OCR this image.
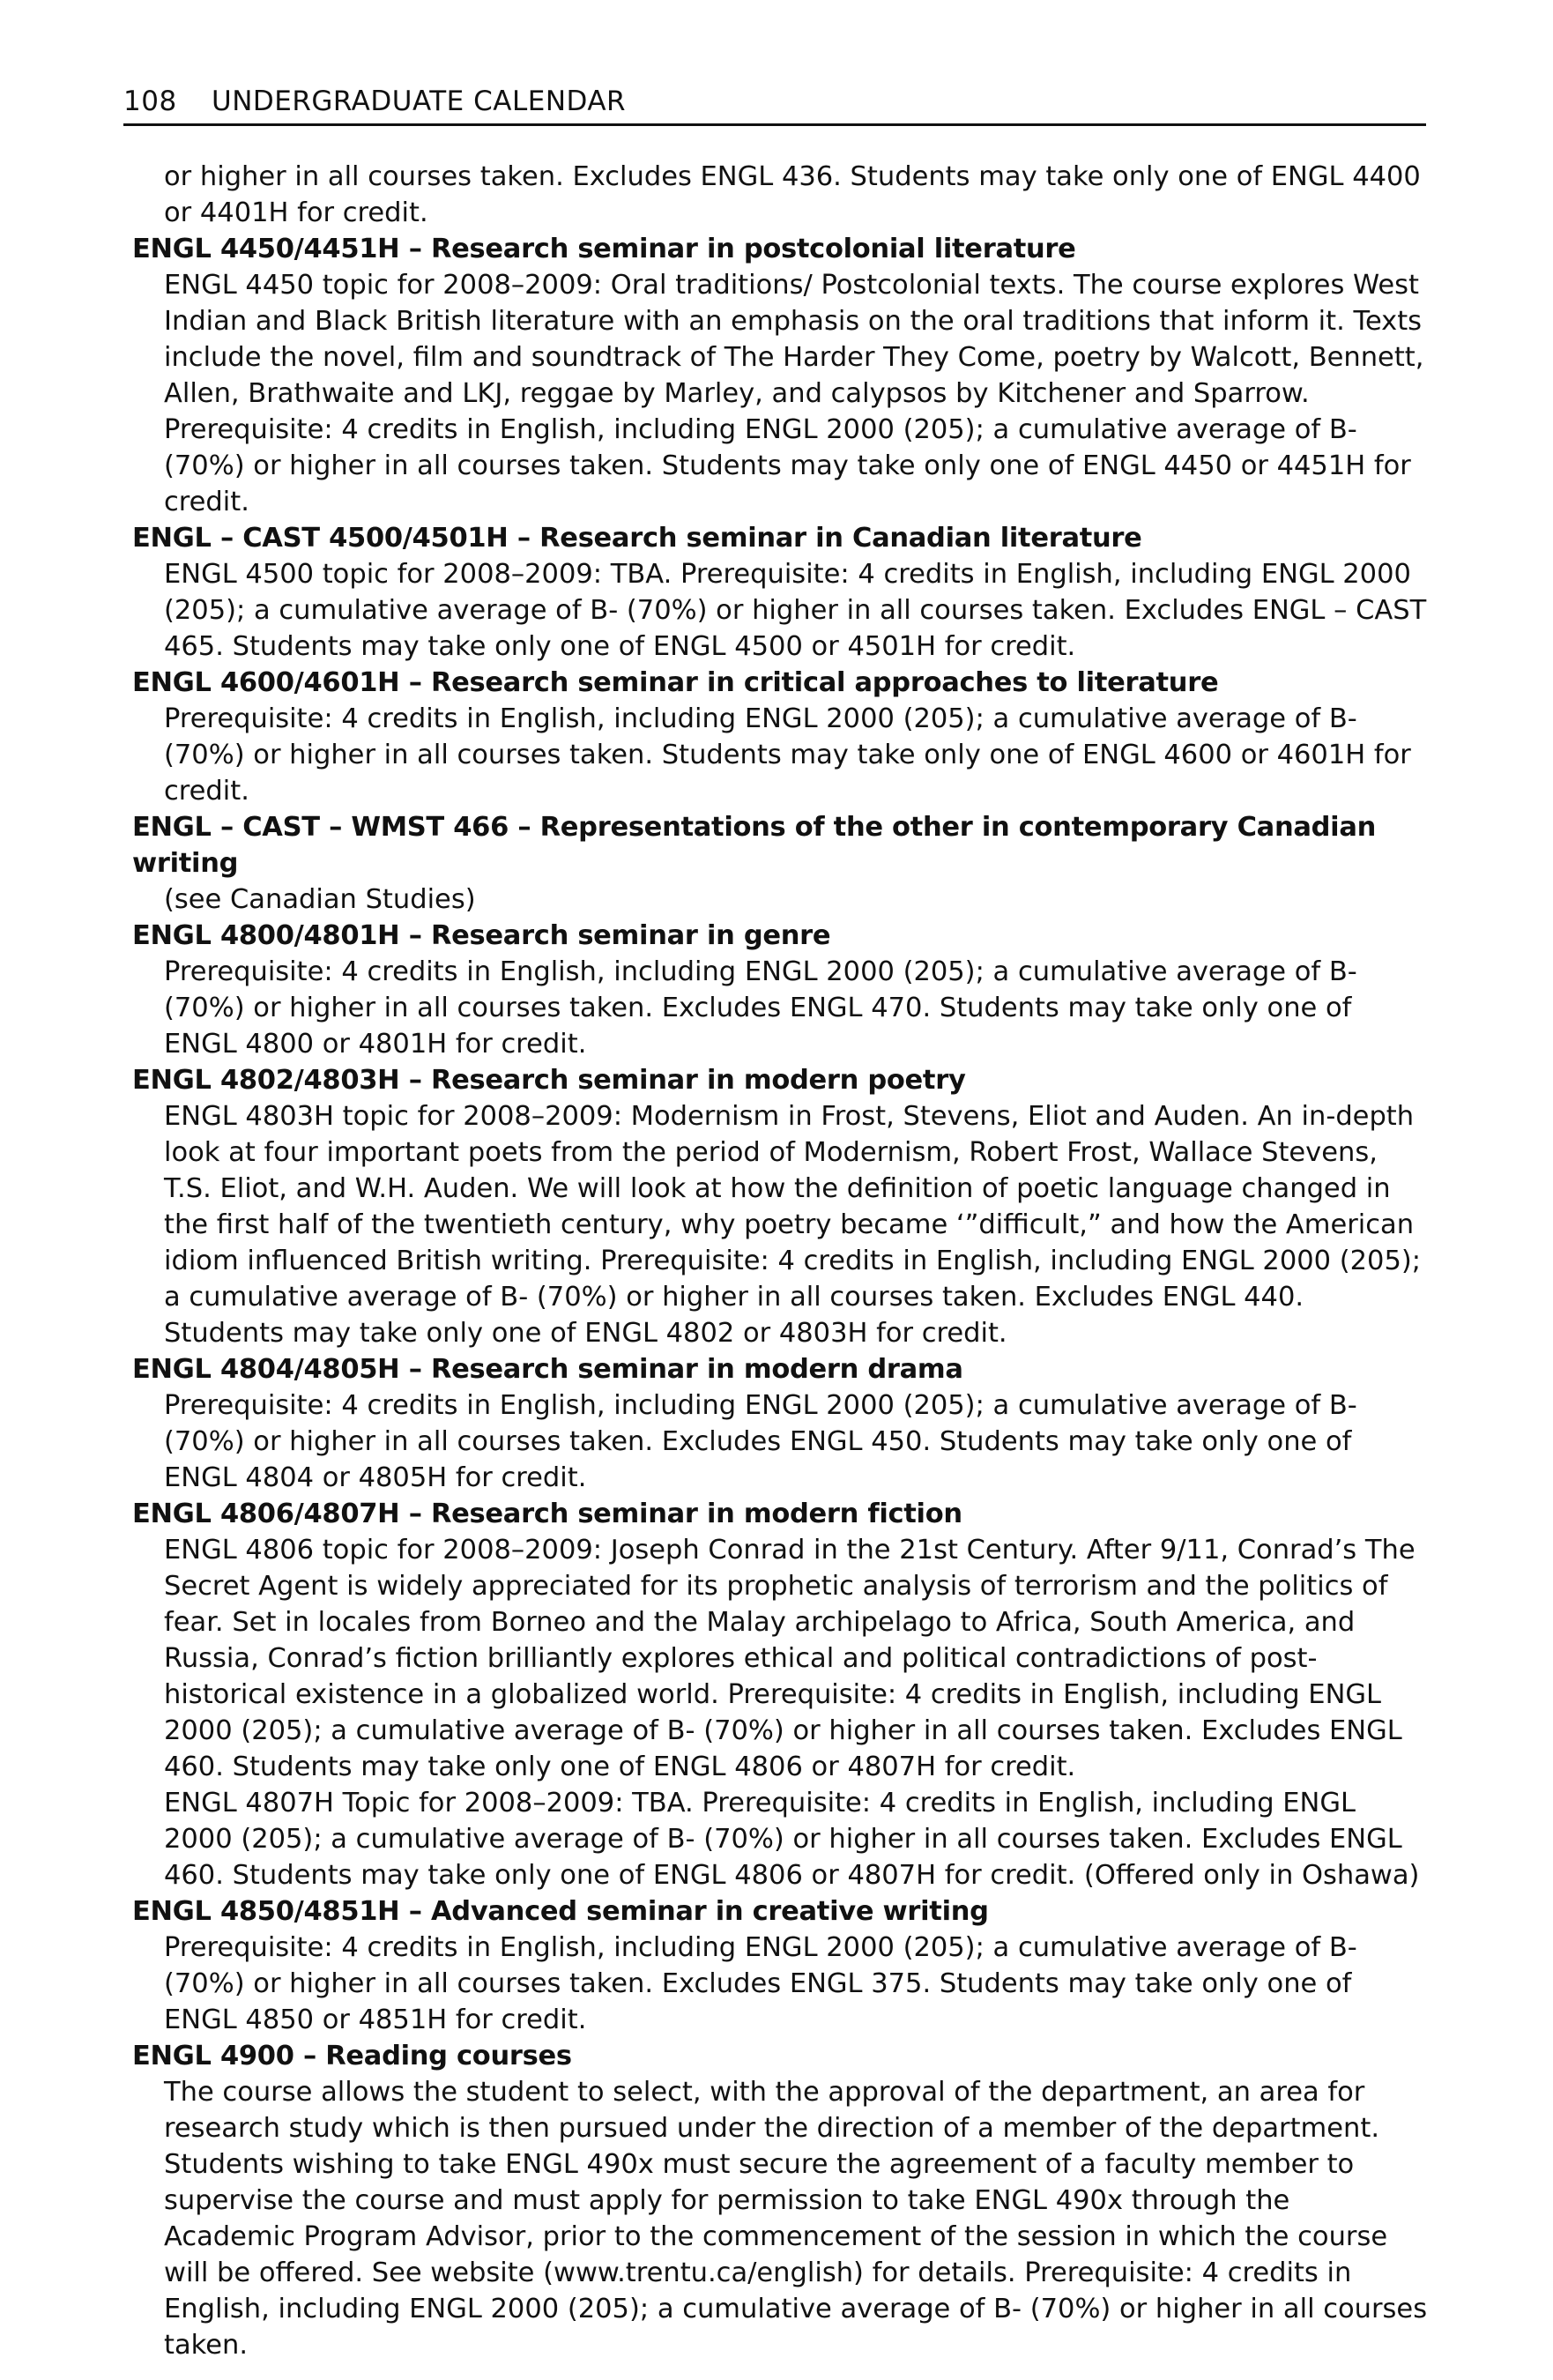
108 UNDERGRADUATE CALENDAR
or higher in all courses taken. Excludes ENGL 436. Students may take only one of ENGL 4400 or 4401H for credit.
ENGL 4450/4451H – Research seminar in postcolonial literature

ENGL 4450 topic for 2008–2009: Oral traditions/ Postcolonial texts. The course explores West Indian and Black British literature with an emphasis on the oral traditions that inform it. Texts include the novel, film and soundtrack of The Harder They Come, poetry by Walcott, Bennett, Allen, Brathwaite and LKJ, reggae by Marley, and calypsos by Kitchener and Sparrow. Prerequisite: 4 credits in English, including ENGL 2000 (205); a cumulative average of B- (70%) or higher in all courses taken. Students may take only one of ENGL 4450 or 4451H for credit.

ENGL – CAST 4500/4501H – Research seminar in Canadian literature

ENGL 4500 topic for 2008–2009: TBA. Prerequisite: 4 credits in English, including ENGL 2000 (205); a cumulative average of B- (70%) or higher in all courses taken. Excludes ENGL – CAST 465. Students may take only one of ENGL 4500 or 4501H for credit.

ENGL 4600/4601H – Research seminar in critical approaches to literature

Prerequisite: 4 credits in English, including ENGL 2000 (205); a cumulative average of B- (70%) or higher in all courses taken. Students may take only one of ENGL 4600 or 4601H for credit.

ENGL – CAST – WMST 466 – Representations of the other in contemporary Canadian writing

(see Canadian Studies)

ENGL 4800/4801H – Research seminar in genre

Prerequisite: 4 credits in English, including ENGL 2000 (205); a cumulative average of B- (70%) or higher in all courses taken. Excludes ENGL 470. Students may take only one of ENGL 4800 or 4801H for credit.

ENGL 4802/4803H – Research seminar in modern poetry

ENGL 4803H topic for 2008–2009: Modernism in Frost, Stevens, Eliot and Auden. An in-depth look at four important poets from the period of Modernism, Robert Frost, Wallace Stevens, T.S. Eliot, and W.H. Auden. We will look at how the definition of poetic language changed in the first half of the twentieth century, why poetry became ‘”difficult,” and how the American idiom influenced British writing. Prerequisite: 4 credits in English, including ENGL 2000 (205); a cumulative average of B- (70%) or higher in all courses taken. Excludes ENGL 440. Students may take only one of ENGL 4802 or 4803H for credit.

ENGL 4804/4805H – Research seminar in modern drama

Prerequisite: 4 credits in English, including ENGL 2000 (205); a cumulative average of B- (70%) or higher in all courses taken. Excludes ENGL 450. Students may take only one of ENGL 4804 or 4805H for credit.

ENGL 4806/4807H – Research seminar in modern fiction

ENGL 4806 topic for 2008–2009: Joseph Conrad in the 21st Century. After 9/11, Conrad’s The Secret Agent is widely appreciated for its prophetic analysis of terrorism and the politics of fear. Set in locales from Borneo and the Malay archipelago to Africa, South America, and Russia, Conrad’s fiction brilliantly explores ethical and political contradictions of post-historical existence in a globalized world. Prerequisite: 4 credits in English, including ENGL 2000 (205); a cumulative average of B- (70%) or higher in all courses taken. Excludes ENGL 460. Students may take only one of ENGL 4806 or 4807H for credit.

ENGL 4807H Topic for 2008–2009: TBA. Prerequisite: 4 credits in English, including ENGL 2000 (205); a cumulative average of B- (70%) or higher in all courses taken. Excludes ENGL 460. Students may take only one of ENGL 4806 or 4807H for credit. (Offered only in Oshawa)

ENGL 4850/4851H – Advanced seminar in creative writing

Prerequisite: 4 credits in English, including ENGL 2000 (205); a cumulative average of B- (70%) or higher in all courses taken. Excludes ENGL 375. Students may take only one of ENGL 4850 or 4851H for credit.

ENGL 4900 – Reading courses

The course allows the student to select, with the approval of the department, an area for research study which is then pursued under the direction of a member of the department. Students wishing to take ENGL 490x must secure the agreement of a faculty member to supervise the course and must apply for permission to take ENGL 490x through the Academic Program Advisor, prior to the commencement of the session in which the course will be offered. See website (www.trentu.ca/english) for details. Prerequisite: 4 credits in English, including ENGL 2000 (205); a cumulative average of B- (70%) or higher in all courses taken.
